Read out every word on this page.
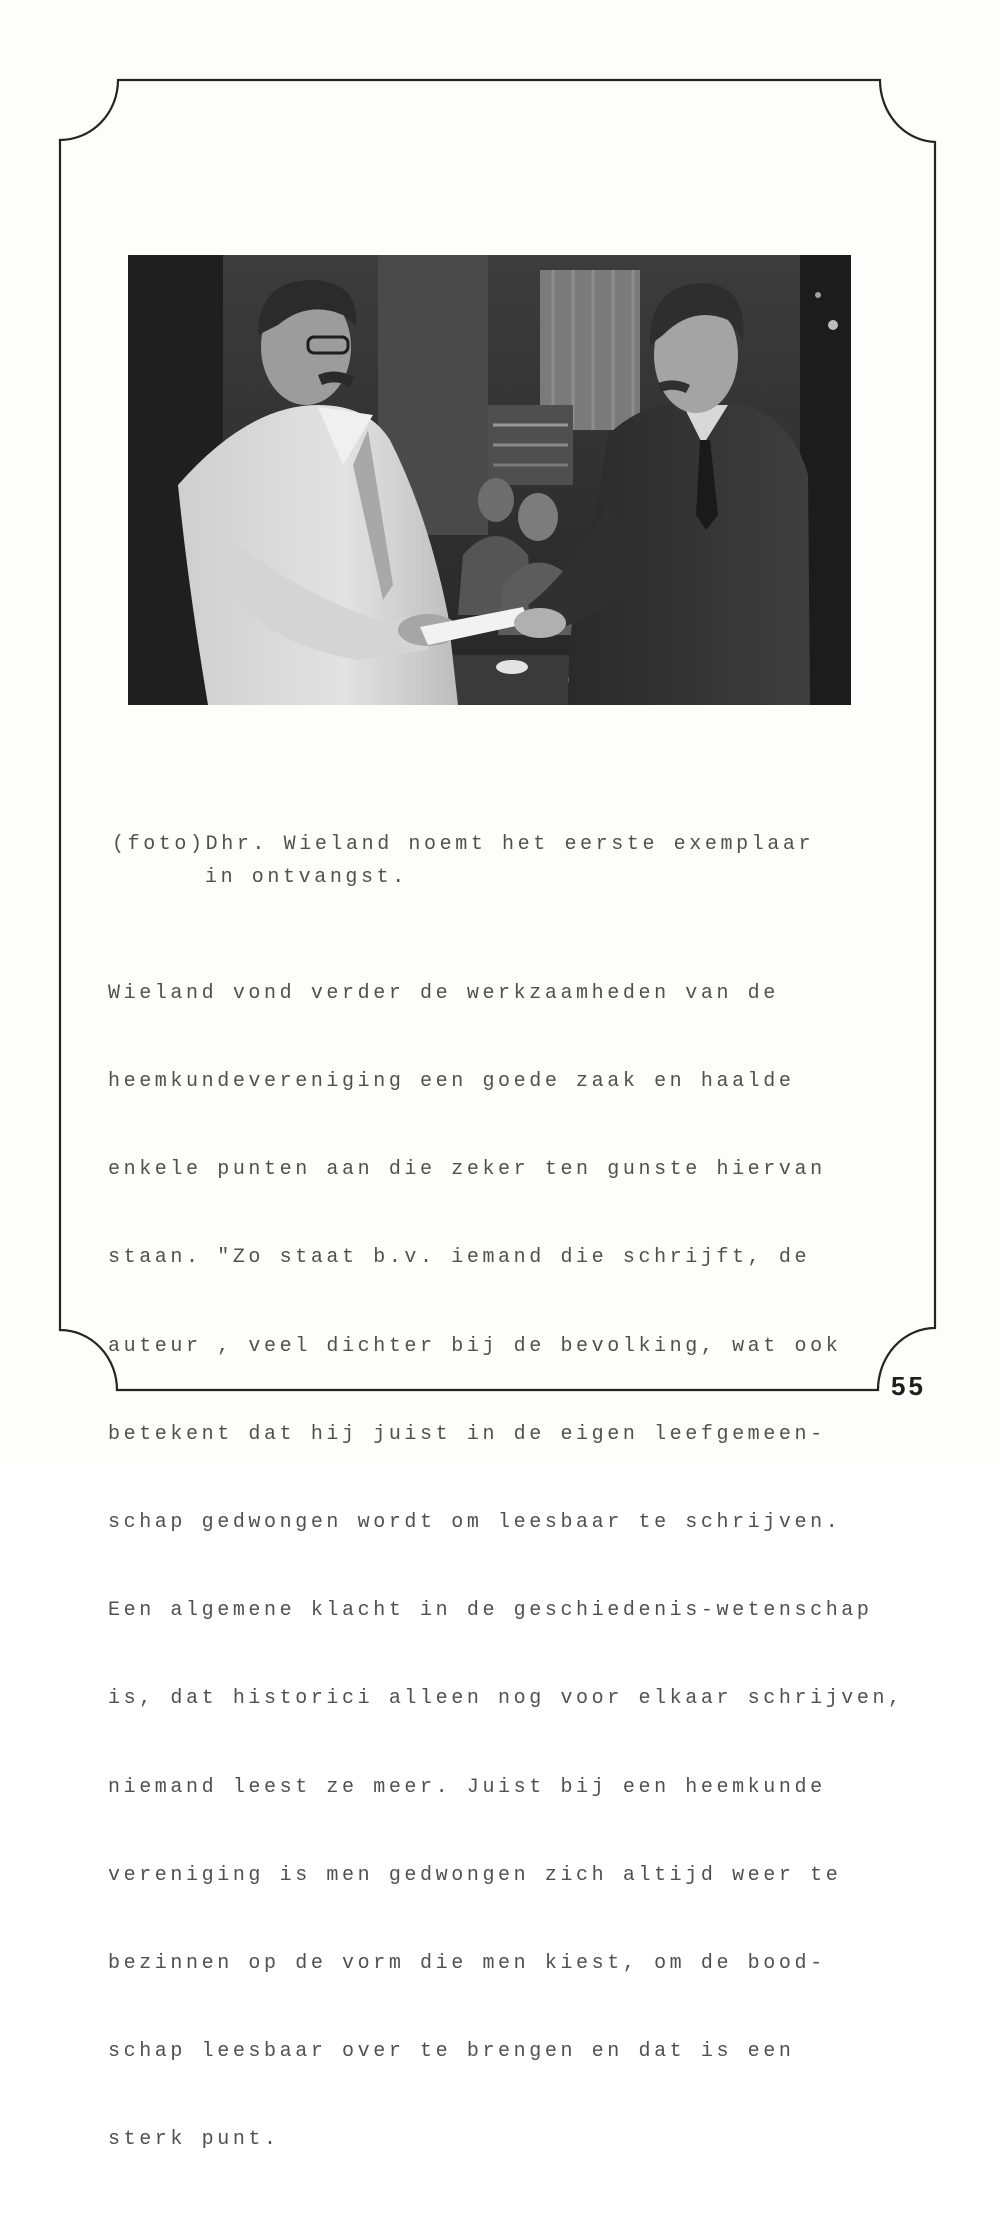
(foto)Dhr. Wieland noemt het eerste exemplaar
in ontvangst.

Wieland vond verder de werkzaamheden van de

heemkundevereniging een goede zaak en haalde

enkele punten aan die zeker ten gunste hiervan

staan. "Zo staat b.v. iemand die schrijft, de

auteur , veel dichter bij de bevolking, wat ook

betekent dat hij juist in de eigen leefgemeen-

schap gedwongen wordt om leesbaar te schrijven.

Een algemene klacht in de geschiedenis-wetenschap

is, dat historici alleen nog voor elkaar schrijven,

niemand leest ze meer. Juist bij een heemkunde

vereniging is men gedwongen zich altijd weer te

bezinnen op de vorm die men kiest, om de bood-

schap leesbaar over te brengen en dat is een

sterk punt.

55
